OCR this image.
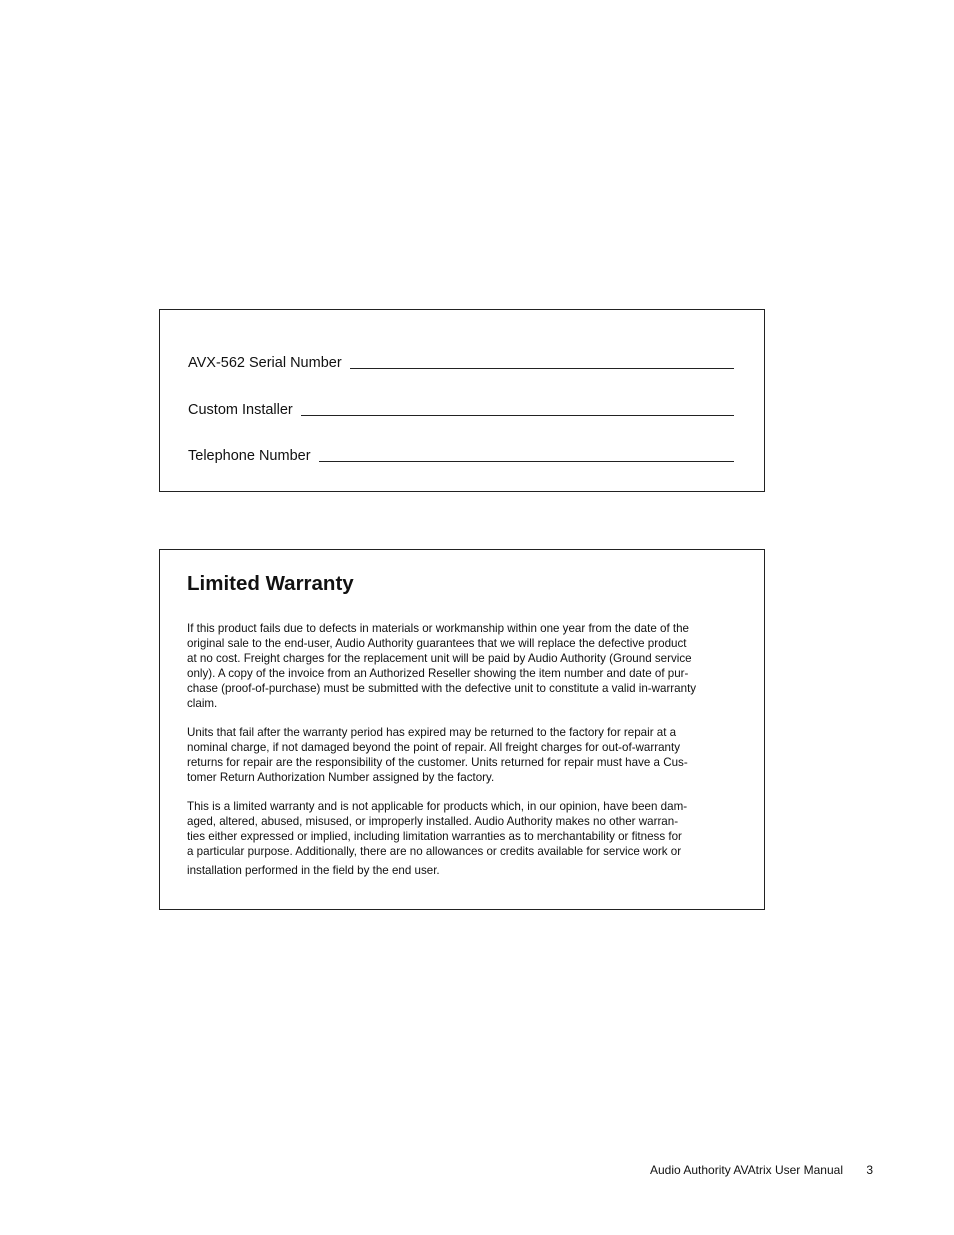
AVX-562 Serial Number
Custom Installer
Telephone Number
Limited Warranty

If this product fails due to defects in materials or workmanship within one year from the date of the
original sale to the end-user, Audio Authority guarantees that we will replace the defective product
at no cost. Freight charges for the replacement unit will be paid by Audio Authority (Ground service
only). A copy of the invoice from an Authorized Reseller showing the item number and date of pur-
chase (proof-of-purchase) must be submitted with the defective unit to constitute a valid in-warranty
claim.

Units that fail after the warranty period has expired may be returned to the factory for repair at a
nominal charge, if not damaged beyond the point of repair. All freight charges for out-of-warranty
returns for repair are the responsibility of the customer. Units returned for repair must have a Cus-
tomer Return Authorization Number assigned by the factory.

This is a limited warranty and is not applicable for products which, in our opinion, have been dam-
aged, altered, abused, misused, or improperly installed. Audio Authority makes no other warran-
ties either expressed or implied, including limitation warranties as to merchantability or fitness for
a particular purpose. Additionally, there are no allowances or credits available for service work or
installation performed in the field by the end user.

Audio Authority AVAtrix User Manual 3
